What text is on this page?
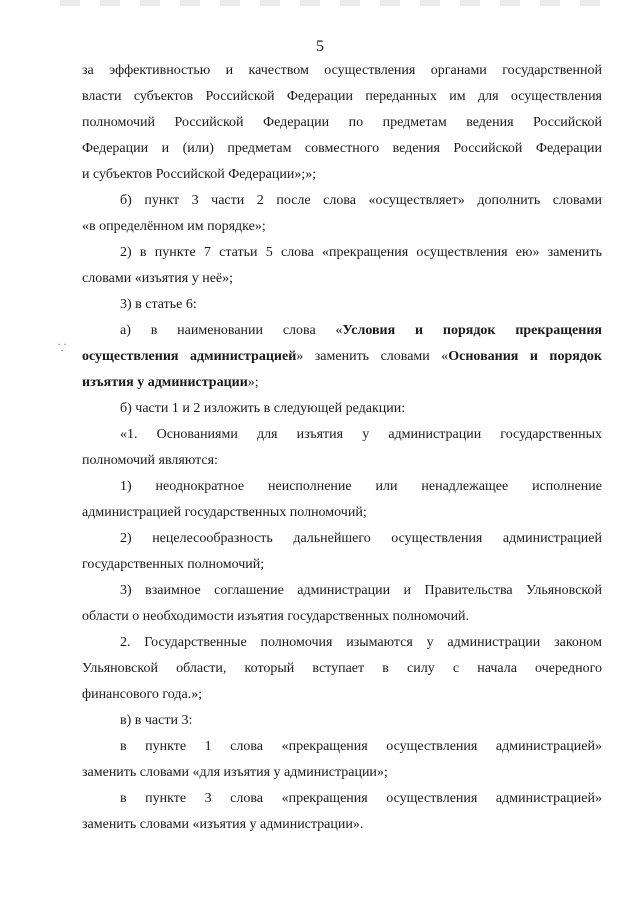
⸪
5
за эффективностью и качеством осуществления органами государственной
власти субъектов Российской Федерации переданных им для осуществления
полномочий Российской Федерации по предметам ведения Российской
Федерации и (или) предметам совместного ведения Российской Федерации
и субъектов Российской Федерации»;»;
б) пункт 3 части 2 после слова «осуществляет» дополнить словами
«в определённом им порядке»;
2) в пункте 7 статьи 5 слова «прекращения осуществления ею» заменить
словами «изъятия у неё»;
3) в статье 6:
а) в наименовании слова «Условия и порядок прекращения
осуществления администрацией» заменить словами «Основания и порядок
изъятия у администрации»;
б) части 1 и 2 изложить в следующей редакции:
«1. Основаниями для изъятия у администрации государственных
полномочий являются:
1) неоднократное неисполнение или ненадлежащее исполнение
администрацией государственных полномочий;
2) нецелесообразность дальнейшего осуществления администрацией
государственных полномочий;
3) взаимное соглашение администрации и Правительства Ульяновской
области о необходимости изъятия государственных полномочий.
2. Государственные полномочия изымаются у администрации законом
Ульяновской области, который вступает в силу с начала очередного
финансового года.»;
в) в части 3:
в пункте 1 слова «прекращения осуществления администрацией»
заменить словами «для изъятия у администрации»;
в пункте 3 слова «прекращения осуществления администрацией»
заменить словами «изъятия у администрации».
